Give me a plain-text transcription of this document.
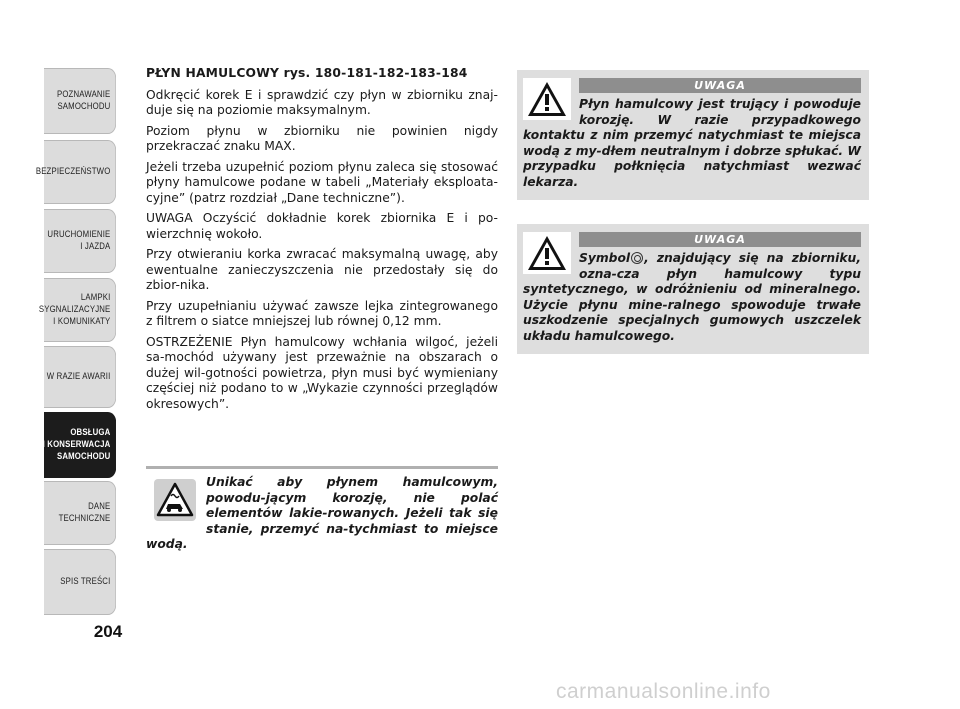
POZNAWANIE
SAMOCHODU
BEZPIECZEŃSTWO
URUCHOMIENIE
I JAZDA
LAMPKI
SYGNALIZACYJNE
I KOMUNIKATY
W RAZIE AWARII
OBSŁUGA
I KONSERWACJA
SAMOCHODU
DANE
TECHNICZNE
SPIS TREŚCI
204
PŁYN HAMULCOWY rys. 180-181-182-183-184

Odkręcić korek E i sprawdzić czy płyn w zbiorniku znaj-duje się na poziomie maksymalnym.

Poziom płynu w zbiorniku nie powinien nigdy przekraczać znaku MAX.

Jeżeli trzeba uzupełnić poziom płynu zaleca się stosować płyny hamulcowe podane w tabeli „Materiały eksploata-cyjne” (patrz rozdział „Dane techniczne”).

UWAGA Oczyścić dokładnie korek zbiornika E i po-wierzchnię wokoło.

Przy otwieraniu korka zwracać maksymalną uwagę, aby ewentualne zanieczyszczenia nie przedostały się do zbior-nika.

Przy uzupełnianiu używać zawsze lejka zintegrowanego z filtrem o siatce mniejszej lub równej 0,12 mm.

OSTRZEŻENIE Płyn hamulcowy wchłania wilgoć, jeżeli sa-mochód używany jest przeważnie na obszarach o dużej wil-gotności powietrza, płyn musi być wymieniany częściej niż podano to w „Wykazie czynności przeglądów okresowych”.

Unikać aby płynem hamulcowym, powodu-jącym korozję, nie polać elementów lakie-rowanych. Jeżeli tak się stanie, przemyć na-tychmiast to miejsce wodą.
UWAGA
Płyn hamulcowy jest trujący i powoduje korozję. W razie przypadkowego kontaktu z nim przemyć natychmiast te miejsca wodą z my-dłem neutralnym i dobrze spłukać. W przypadku połknięcia natychmiast wezwać lekarza.
UWAGA
Symbol , znajdujący się na zbiorniku, ozna-cza płyn hamulcowy typu syntetycznego, w odróżnieniu od mineralnego. Użycie płynu mine-ralnego spowoduje trwałe uszkodzenie specjalnych gumowych uszczelek układu hamulcowego.
carmanualsonline.info
